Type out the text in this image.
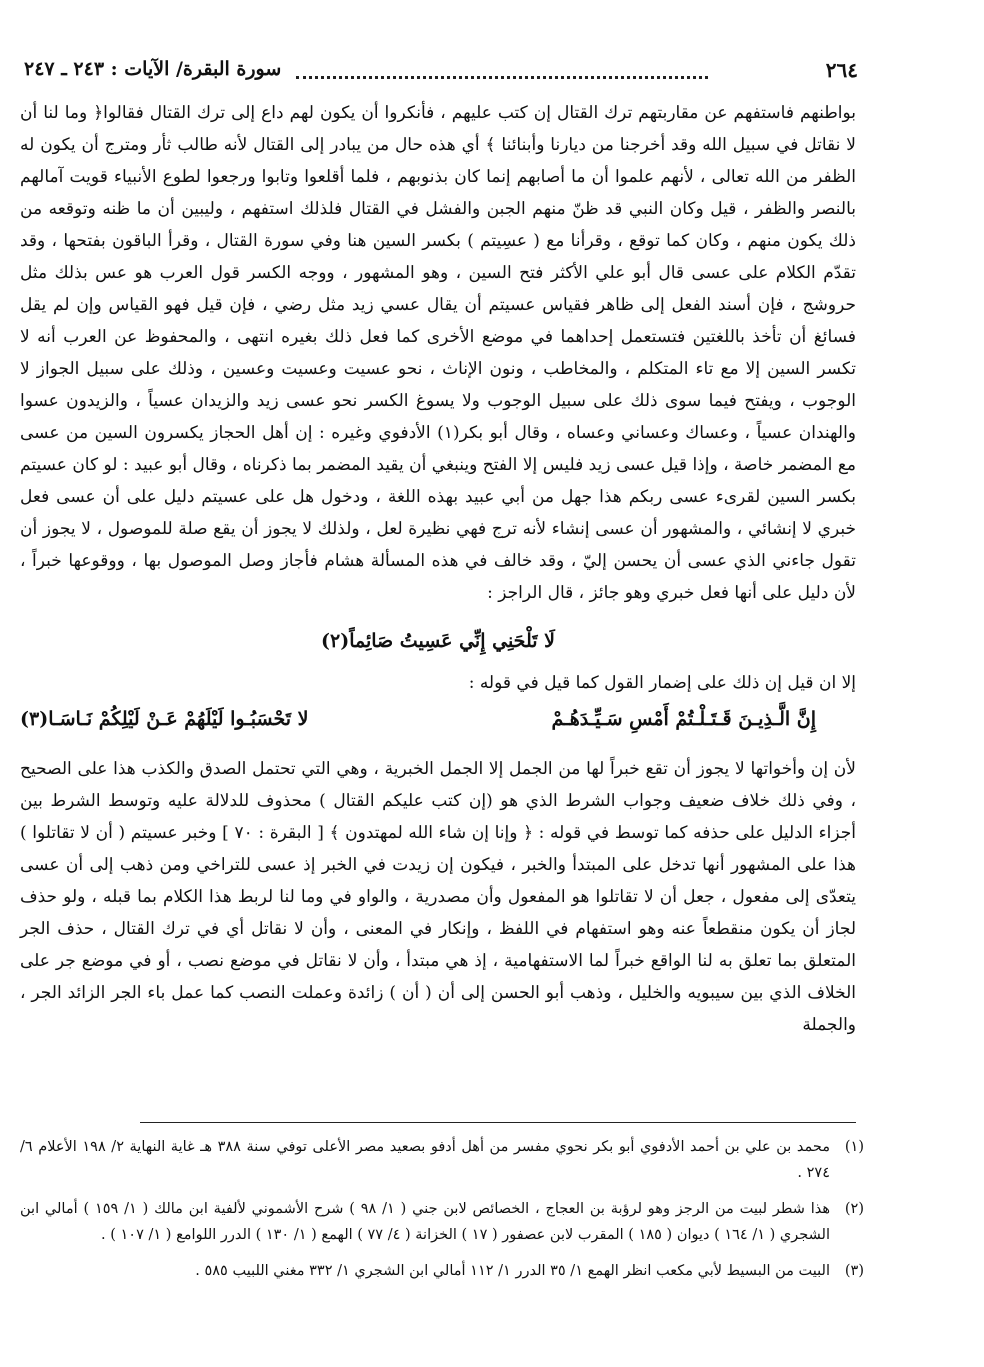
٢٦٤
سورة البقرة/ الآيات : ٢٤٣ ـ ٢٤٧

بواطنهم فاستفهم عن مقاربتهم ترك القتال إن كتب عليهم ، فأنكروا أن يكون لهم داع إلى ترك القتال فقالوا﴿ وما لنا أن لا نقاتل في سبيل الله وقد أخرجنا من ديارنا وأبنائنا ﴾ أي هذه حال من يبادر إلى القتال لأنه طالب ثأر ومترج أن يكون له الظفر من الله تعالى ، لأنهم علموا أن ما أصابهم إنما كان بذنوبهم ، فلما أقلعوا وتابوا ورجعوا لطوع الأنبياء قويت آمالهم بالنصر والظفر ، قيل وكان النبي قد ظنّ منهم الجبن والفشل في القتال فلذلك استفهم ، وليبين أن ما ظنه وتوقعه من ذلك يكون منهم ، وكان كما توقع ، وقرأنا مع ( عسِيتم ) بكسر السين هنا وفي سورة القتال ، وقرأ الباقون بفتحها ، وقد تقدّم الكلام على عسى قال أبو علي الأكثر فتح السين ، وهو المشهور ، ووجه الكسر قول العرب هو عس بذلك مثل حروشج ، فإن أسند الفعل إلى ظاهر فقياس عسيتم أن يقال عسي زيد مثل رضي ، فإن قيل فهو القياس وإن لم يقل فسائغ أن تأخذ باللغتين فتستعمل إحداهما في موضع الأخرى كما فعل ذلك بغيره انتهى ، والمحفوظ عن العرب أنه لا تكسر السين إلا مع تاء المتكلم ، والمخاطب ، ونون الإناث ، نحو عسيت وعسيت وعسين ، وذلك على سبيل الجواز لا الوجوب ، ويفتح فيما سوى ذلك على سبيل الوجوب ولا يسوغ الكسر نحو عسى زيد والزيدان عسياً ، والزيدون عسوا والهندان عسياً ، وعساك وعساني وعساه ، وقال أبو بكر(١) الأدفوي وغيره : إن أهل الحجاز يكسرون السين من عسى مع المضمر خاصة ، وإذا قيل عسى زيد فليس إلا الفتح وينبغي أن يقيد المضمر بما ذكرناه ، وقال أبو عبيد : لو كان عسيتم بكسر السين لقرىء عسى ربكم هذا جهل من أبي عبيد بهذه اللغة ، ودخول هل على عسيتم دليل على أن عسى فعل خبري لا إنشائي ، والمشهور أن عسى إنشاء لأنه ترج فهي نظيرة لعل ، ولذلك لا يجوز أن يقع صلة للموصول ، لا يجوز أن تقول جاءني الذي عسى أن يحسن إليّ ، وقد خالف في هذه المسألة هشام فأجاز وصل الموصول بها ، ووقوعها خبراً ، لأن دليل على أنها فعل خبري وهو جائز ، قال الراجز :

لَا تَلْحَنِي إِنِّي عَسِيتُ صَائِماً(٢)

إلا ان قيل إن ذلك على إضمار القول كما قيل في قوله :

إِنَّ الَّـذِيـنَ قَـتَـلْـتُمْ أَمْسِ سَـيِّـدَهُـمْ
لا تَحْسَبُـوا لَيْلَهُمْ عَـنْ لَيْلِكُمْ نَـاسَـا(٣)

لأن إن وأخواتها لا يجوز أن تقع خبراً لها من الجمل إلا الجمل الخبرية ، وهي التي تحتمل الصدق والكذب هذا على الصحيح ، وفي ذلك خلاف ضعيف وجواب الشرط الذي هو (إن كتب عليكم القتال ) محذوف للدلالة عليه وتوسط الشرط بين أجزاء الدليل على حذفه كما توسط في قوله : ﴿ وإنا إن شاء الله لمهتدون ﴾ [ البقرة : ٧٠ ] وخبر عسيتم ( أن لا تقاتلوا ) هذا على المشهور أنها تدخل على المبتدأ والخبر ، فيكون إن زيدت في الخبر إذ عسى للتراخي ومن ذهب إلى أن عسى يتعدّى إلى مفعول ، جعل أن لا تقاتلوا هو المفعول وأن مصدرية ، والواو في وما لنا لربط هذا الكلام بما قبله ، ولو حذف لجاز أن يكون منقطعاً عنه وهو استفهام في اللفظ ، وإنكار في المعنى ، وأن لا نقاتل أي في ترك القتال ، حذف الجر المتعلق بما تعلق به لنا الواقع خبراً لما الاستفهامية ، إذ هي مبتدأ ، وأن لا نقاتل في موضع نصب ، أو في موضع جر على الخلاف الذي بين سيبويه والخليل ، وذهب أبو الحسن إلى أن ( أن ) زائدة وعملت النصب كما عمل باء الجر الزائد الجر ، والجملة

(١)
محمد بن علي بن أحمد الأدفوي أبو بكر نحوي مفسر من أهل أدفو بصعيد مصر الأعلى توفي سنة ٣٨٨ هـ غاية النهاية ٢/ ١٩٨ الأعلام ٦/ ٢٧٤ .
(٢)
هذا شطر لبيت من الرجز وهو لرؤبة بن العجاج ، الخصائص لابن جني ( ١/ ٩٨ ) شرح الأشموني لألفية ابن مالك ( ١/ ١٥٩ ) أمالي ابن الشجري ( ١/ ١٦٤ ) ديوان ( ١٨٥ ) المقرب لابن عصفور ( ١٧ ) الخزانة ( ٤/ ٧٧ ) الهمع ( ١/ ١٣٠ ) الدرر اللوامع ( ١/ ١٠٧ ) .
(٣)
البيت من البسيط لأبي مكعب انظر الهمع ١/ ٣٥ الدرر ١/ ١١٢ أمالي ابن الشجري ١/ ٣٣٢ مغني اللبيب ٥٨٥ .
